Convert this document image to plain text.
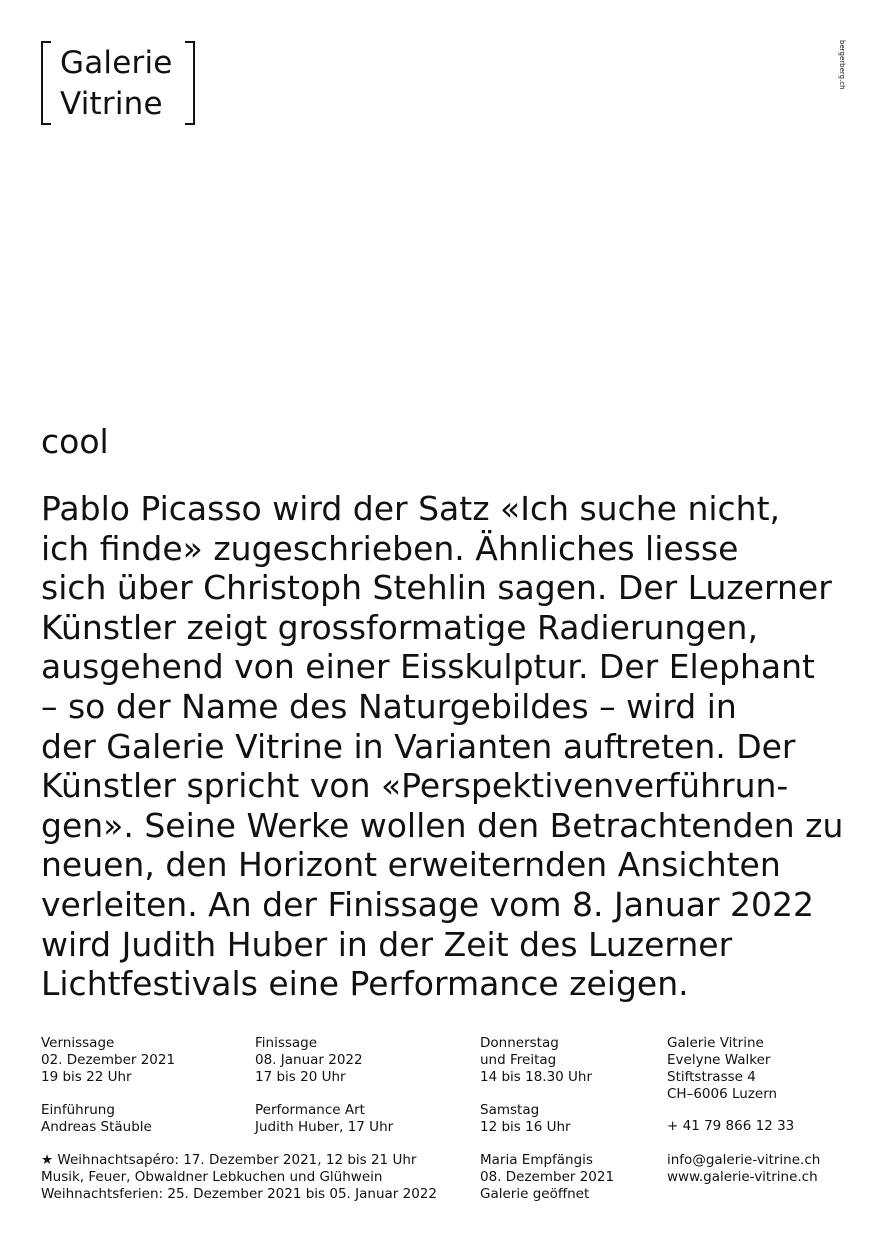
Galerie
Vitrine
bergerberg.ch
cool
Pablo Picasso wird der Satz «Ich suche nicht,
ich finde» zugeschrieben. Ähnliches liesse
sich über Christoph Stehlin sagen. Der Luzerner
Künstler zeigt grossformatige Radierungen,
ausgehend von einer Eisskulptur. Der Elephant
– so der Name des Naturgebildes – wird in
der Galerie Vitrine in Varianten auftreten. Der
Künstler spricht von «Perspektivenverführun-
gen». Seine Werke wollen den Betrachtenden zu
neuen, den Horizont erweiternden Ansichten
verleiten. An der Finissage vom 8. Januar 2022
wird Judith Huber in der Zeit des Luzerner
Lichtfestivals eine Performance zeigen.
Vernissage
02. Dezember 2021
19 bis 22 Uhr
Finissage
08. Januar 2022
17 bis 20 Uhr
Donnerstag
und Freitag
14 bis 18.30 Uhr
Galerie Vitrine
Evelyne Walker
Stiftstrasse 4
CH–6006 Luzern
Einführung
Andreas Stäuble
Performance Art
Judith Huber, 17 Uhr
Samstag
12 bis 16 Uhr	+ 41 79 866 12 33
★ Weihnachtsapéro: 17. Dezember 2021, 12 bis 21 Uhr
Musik, Feuer, Obwaldner Lebkuchen und Glühwein
Weihnachtsferien: 25. Dezember 2021 bis 05. Januar 2022
Maria Empfängis
08. Dezember 2021
Galerie geöffnet
info@galerie-vitrine.ch
www.galerie-vitrine.ch
